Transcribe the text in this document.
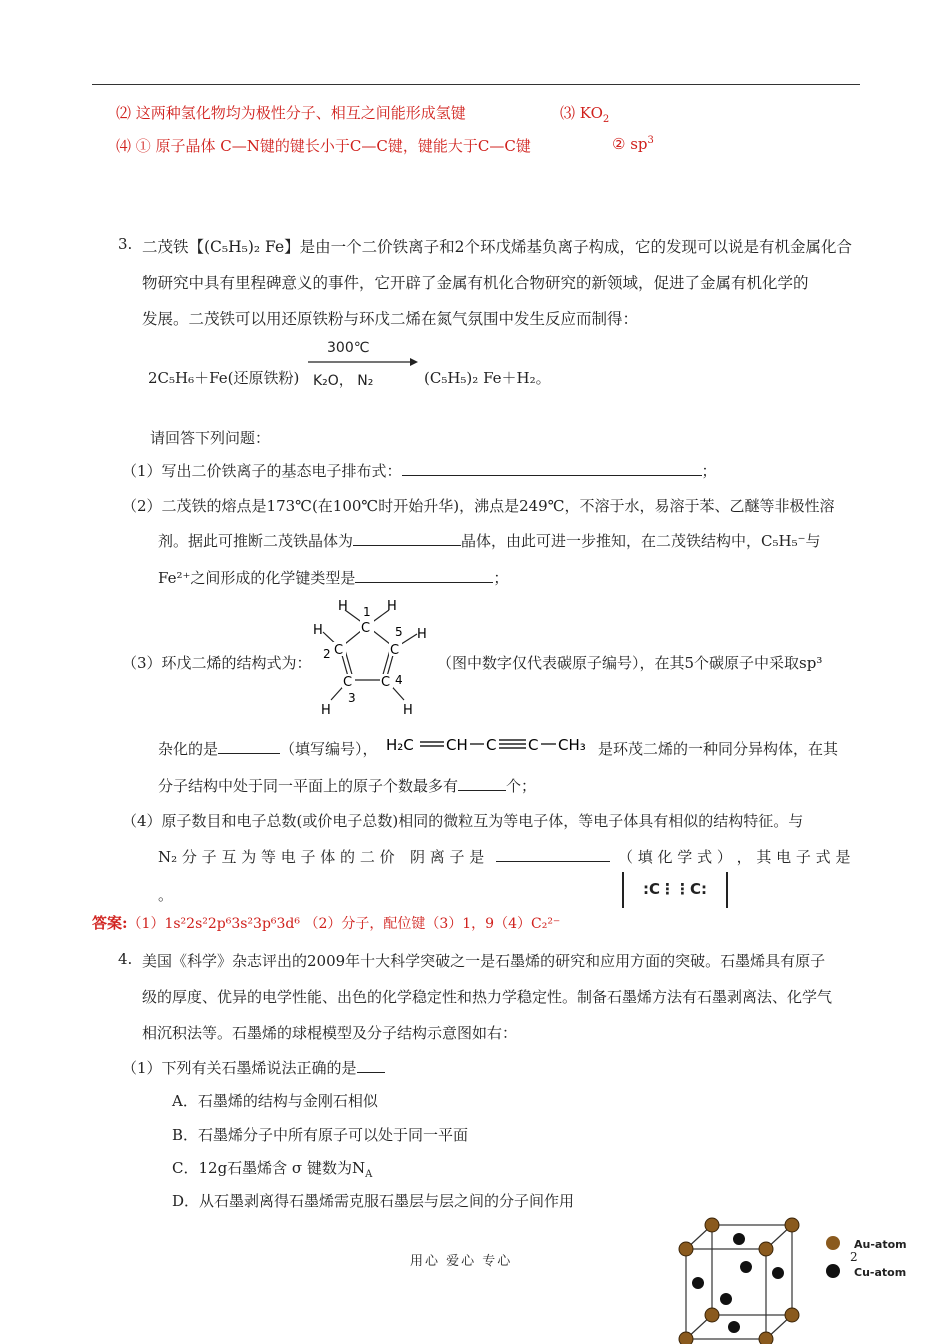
⑵ 这两种氢化物均为极性分子、相互之间能形成氢键	⑶ $KO_2$
⑷ ① 原子晶体 C—N键的键长小于C—C键，键能大于C—C键	② $sp^3$
3. 二茂铁【(C₅H₅)₂ Fe】是由一个二价铁离子和2个环戊烯基负离子构成，它的发现可以说是有机金属化合
物研究中具有里程碑意义的事件，它开辟了金属有机化合物研究的新领域，促进了金属有机化学的
发展。二茂铁可以用还原铁粉与环戊二烯在氮气氛围中发生反应而制得：
2C₅H₆＋Fe(还原铁粉)
300℃
K₂O， N₂	(C₅H₅)₂ Fe＋H₂。
请回答下列问题：
（1）写出二价铁离子的基态电子排布式：	；
（2）二茂铁的熔点是173℃(在100℃时开始升华)，沸点是249℃，不溶于水，易溶于苯、乙醚等非极性溶
剂。据此可推断二茂铁晶体为	晶体，由此可进一步推知，在二茂铁结构中，C₅H₅⁻与
Fe²⁺之间形成的化学键类型是	；
（3）环戊二烯的结构式为：
H	H
H	H
H	H
C
C	C
C C
1
2
3
4
5
（图中数字仅代表碳原子编号），在其5个碳原子中采取sp³
杂化的是	（填写编号）， H₂C CH C C CH₃ 是环茂二烯的一种同分异构体，在其
分子结构中处于同一平面上的原子个数最多有	个；
（4）原子数目和电子总数(或价电子总数)相同的微粒互为等电子体，等电子体具有相似的结构特征。与
N₂ 分 子 互 为 等 电 子 体 的 二 价 阴 离 子 是	（ 填 化 学 式 ） ， 其 电 子 式 是
。	:C⋮⋮C:
答案:（1）1s²2s²2p⁶3s²3p⁶3d⁶ （2）分子，配位键（3）1，9（4）C₂²⁻
4. 美国《科学》杂志评出的2009年十大科学突破之一是石墨烯的研究和应用方面的突破。石墨烯具有原子
级的厚度、优异的电学性能、出色的化学稳定性和热力学稳定性。制备石墨烯方法有石墨剥离法、化学气
相沉积法等。石墨烯的球棍模型及分子结构示意图如右：
（1）下列有关石墨烯说法正确的是
A．石墨烯的结构与金刚石相似
B．石墨烯分子中所有原子可以处于同一平面
C．12g石墨烯含 σ 键数为$N_A$
D．从石墨剥离得石墨烯需克服石墨层与层之间的分子间作用
Au-atom
Cu-atom
用心 爱心 专心	2
